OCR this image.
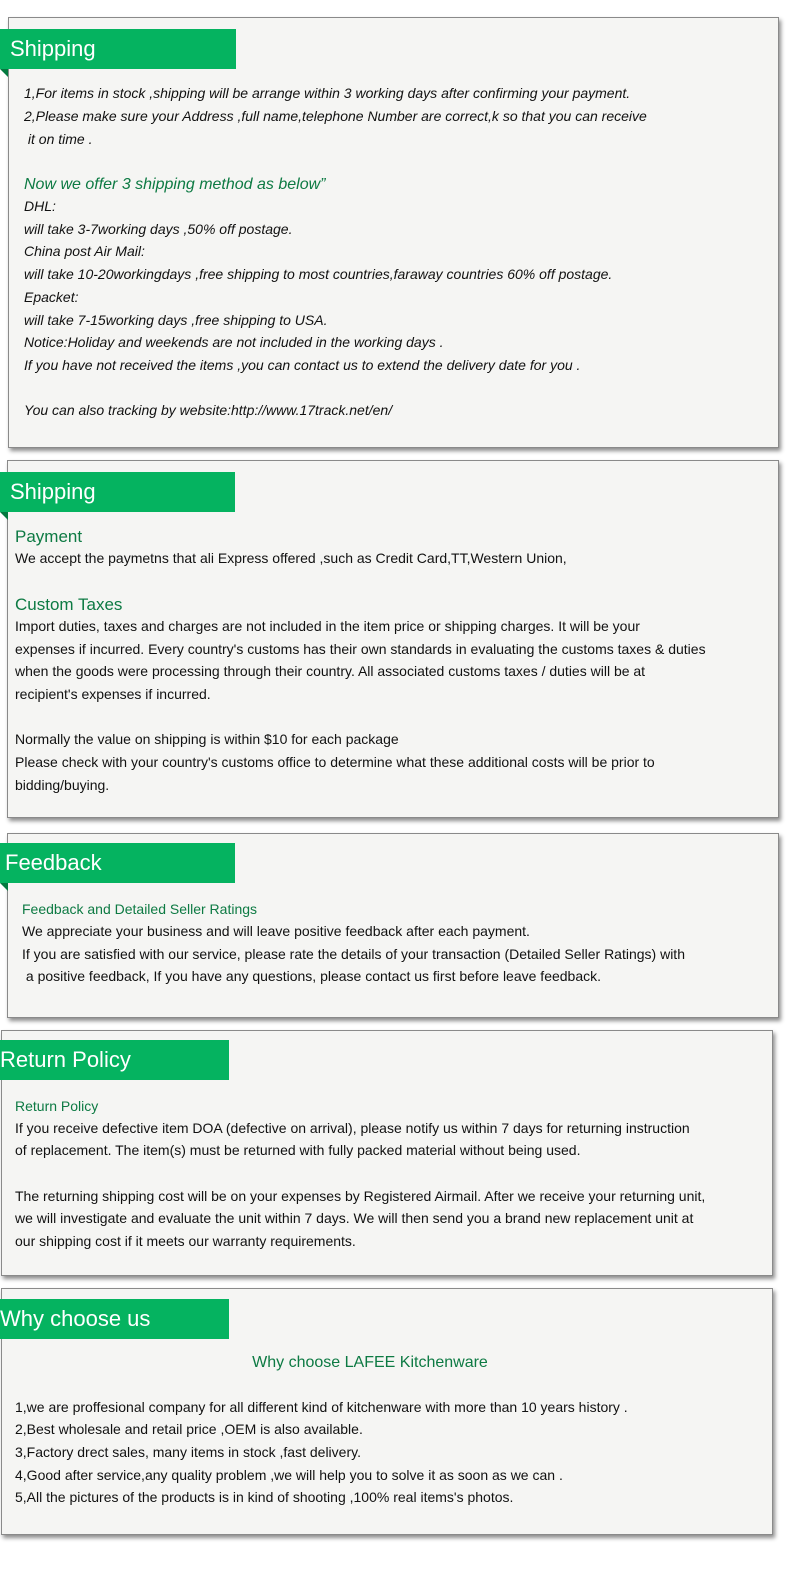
Shipping
1,For items in stock ,shipping will be arrange within 3 working days after confirming your payment.
2,Please make sure your Address ,full name,telephone Number are correct,k so that you can receive
it on time .
Now we offer 3 shipping method as below”
DHL:
will take 3-7working days ,50% off postage.
China post Air Mail:
will take 10-20workingdays ,free shipping to most countries,faraway countries 60% off postage.
Epacket:
will take 7-15working days ,free shipping to USA.
Notice:Holiday and weekends are not included in the working days .
If you have not received the items ,you can contact us to extend the delivery date for you .
You can also tracking by website:http://www.17track.net/en/
Shipping
Payment
We accept the paymetns that ali Express offered ,such as Credit Card,TT,Western Union,
Custom Taxes
Import duties, taxes and charges are not included in the item price or shipping charges. It will be your
expenses if incurred. Every country's customs has their own standards in evaluating the customs taxes & duties
when the goods were processing through their country. All associated customs taxes / duties will be at
recipient's expenses if incurred.
Normally the value on shipping is within $10 for each package
Please check with your country's customs office to determine what these additional costs will be prior to
bidding/buying.
Feedback
Feedback and Detailed Seller Ratings
We appreciate your business and will leave positive feedback after each payment.
If you are satisfied with our service, please rate the details of your transaction (Detailed Seller Ratings) with
a positive feedback, If you have any questions, please contact us first before leave feedback.
Return Policy
Return Policy
If you receive defective item DOA (defective on arrival), please notify us within 7 days for returning instruction
of replacement. The item(s) must be returned with fully packed material without being used.
The returning shipping cost will be on your expenses by Registered Airmail. After we receive your returning unit,
we will investigate and evaluate the unit within 7 days. We will then send you a brand new replacement unit at
our shipping cost if it meets our warranty requirements.
Why choose us
Why choose LAFEE Kitchenware
1,we are proffesional company for all different kind of kitchenware with more than 10 years history .
2,Best wholesale and retail price ,OEM is also available.
3,Factory drect sales, many items in stock ,fast delivery.
4,Good after service,any quality problem ,we will help you to solve it as soon as we can .
5,All the pictures of the products is in kind of shooting ,100% real items's photos.
